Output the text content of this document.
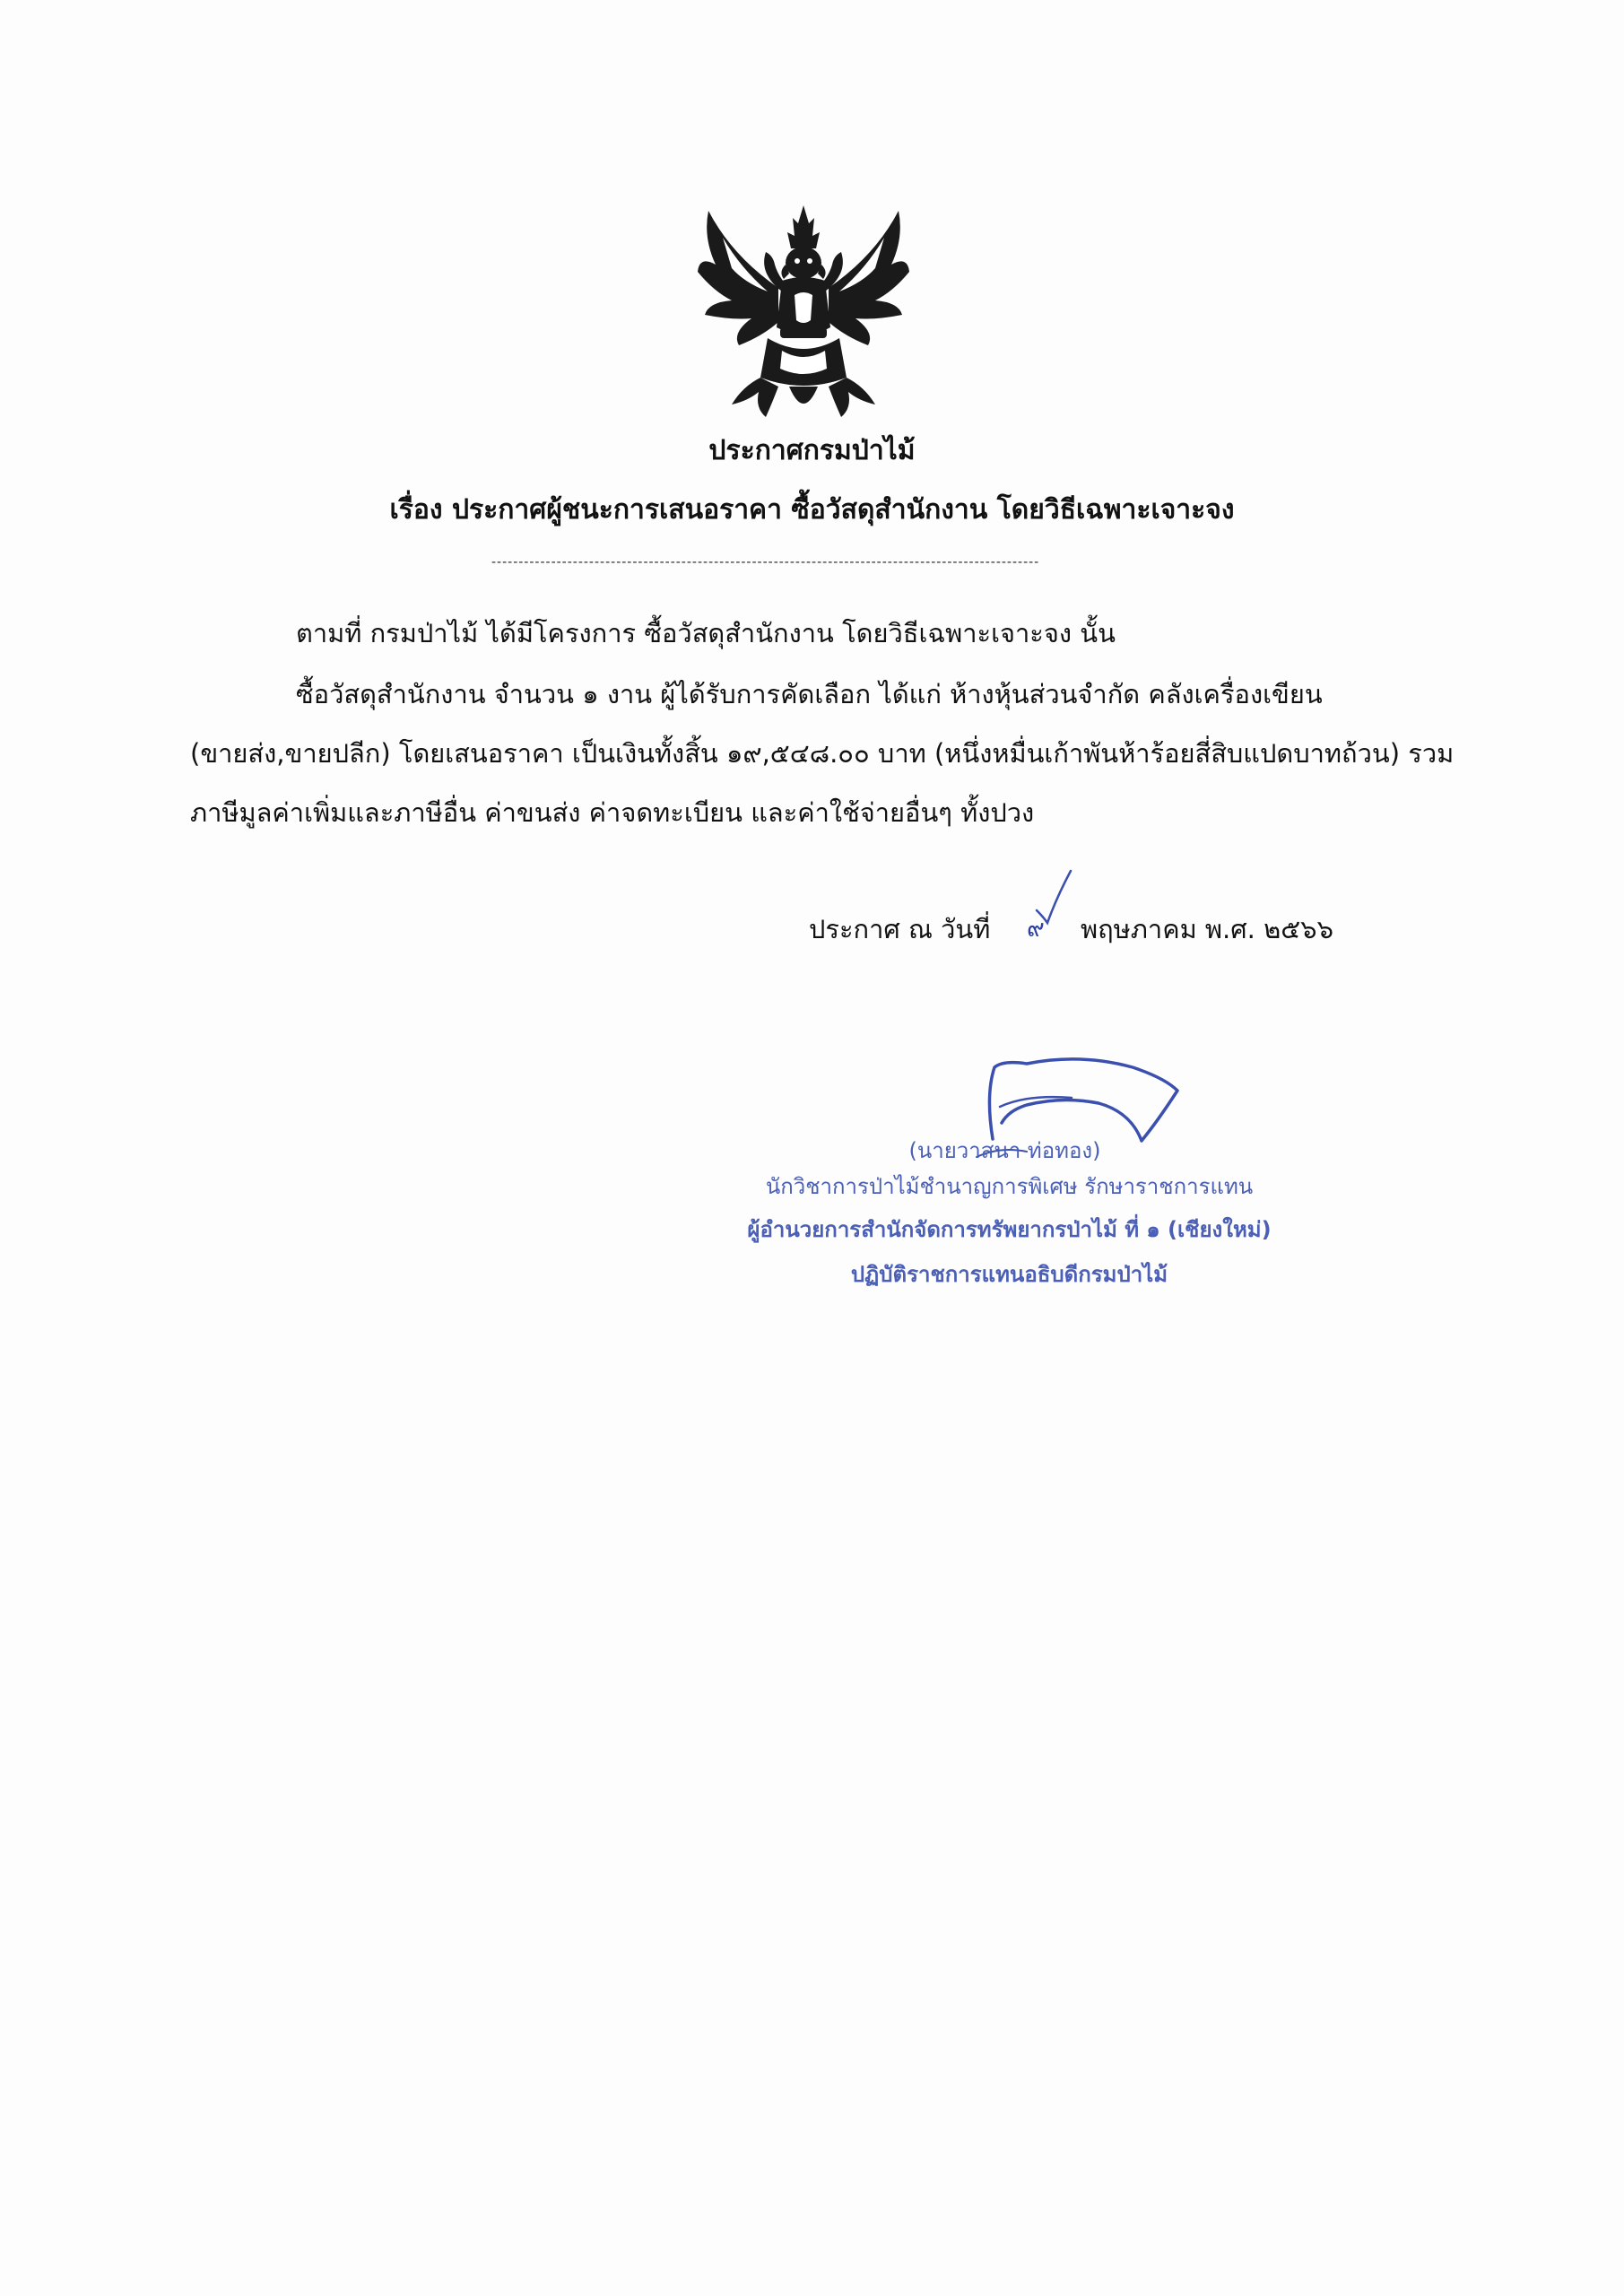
ประกาศกรมป่าไม้
เรื่อง ประกาศผู้ชนะการเสนอราคา ซื้อวัสดุสำนักงาน โดยวิธีเฉพาะเจาะจง
-----------------------------------------------------------------------------------------------------
ตามที่ กรมป่าไม้ ได้มีโครงการ ซื้อวัสดุสำนักงาน โดยวิธีเฉพาะเจาะจง นั้น
ซื้อวัสดุสำนักงาน จำนวน ๑ งาน ผู้ได้รับการคัดเลือก ได้แก่ ห้างหุ้นส่วนจำกัด คลังเครื่องเขียน
(ขายส่ง,ขายปลีก) โดยเสนอราคา เป็นเงินทั้งสิ้น ๑๙,๕๔๘.๐๐ บาท (หนึ่งหมื่นเก้าพันห้าร้อยสี่สิบแปดบาทถ้วน) รวม
ภาษีมูลค่าเพิ่มและภาษีอื่น ค่าขนส่ง ค่าจดทะเบียน และค่าใช้จ่ายอื่นๆ ทั้งปวง
ประกาศ ณ วันที่ ๙ พฤษภาคม พ.ศ. ๒๕๖๖
(นายวาสนา ท่อทอง)
นักวิชาการป่าไม้ชำนาญการพิเศษ รักษาราชการแทน
ผู้อำนวยการสำนักจัดการทรัพยากรป่าไม้ ที่ ๑ (เชียงใหม่)
ปฏิบัติราชการแทนอธิบดีกรมป่าไม้
